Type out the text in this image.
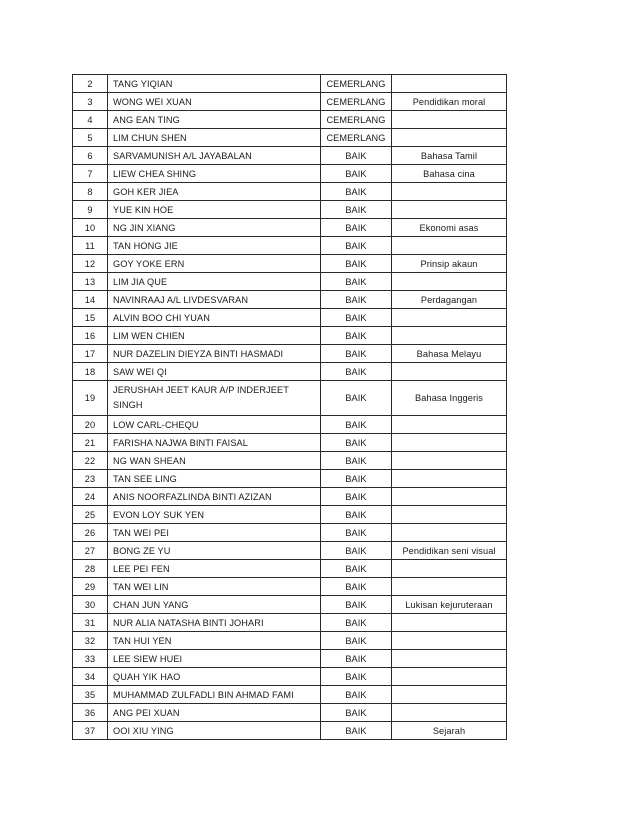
2	TANG YIQIAN	CEMERLANG	
3	WONG WEI XUAN	CEMERLANG	Pendidikan moral
4	ANG EAN TING	CEMERLANG	
5	LIM CHUN SHEN	CEMERLANG	
6	SARVAMUNISH A/L JAYABALAN	BAIK	Bahasa Tamil
7	LIEW CHEA SHING	BAIK	Bahasa cina
8	GOH KER JIEA	BAIK	
9	YUE KIN HOE	BAIK	
10	NG JIN XIANG	BAIK	Ekonomi asas
11	TAN HONG JIE	BAIK	
12	GOY YOKE ERN	BAIK	Prinsip akaun
13	LIM JIA QUE	BAIK	
14	NAVINRAAJ A/L LIVDESVARAN	BAIK	Perdagangan
15	ALVIN BOO CHI YUAN	BAIK	
16	LIM WEN CHIEN	BAIK	
17	NUR DAZELIN DIEYZA BINTI HASMADI	BAIK	Bahasa Melayu
18	SAW WEI QI	BAIK	
19	JERUSHAH JEET KAUR A/P INDERJEET SINGH	BAIK	Bahasa Inggeris
20	LOW CARL-CHEQU	BAIK	
21	FARISHA NAJWA BINTI FAISAL	BAIK	
22	NG WAN SHEAN	BAIK	
23	TAN SEE LING	BAIK	
24	ANIS NOORFAZLINDA BINTI AZIZAN	BAIK	
25	EVON LOY SUK YEN	BAIK	
26	TAN WEI PEI	BAIK	
27	BONG ZE YU	BAIK	Pendidikan seni visual
28	LEE PEI FEN	BAIK	
29	TAN WEI LIN	BAIK	
30	CHAN JUN YANG	BAIK	Lukisan kejuruteraan
31	NUR ALIA NATASHA BINTI JOHARI	BAIK	
32	TAN HUI YEN	BAIK	
33	LEE SIEW HUEI	BAIK	
34	QUAH YIK HAO	BAIK	
35	MUHAMMAD ZULFADLI BIN AHMAD FAMI	BAIK	
36	ANG PEI XUAN	BAIK	
37	OOI XIU YING	BAIK	Sejarah
